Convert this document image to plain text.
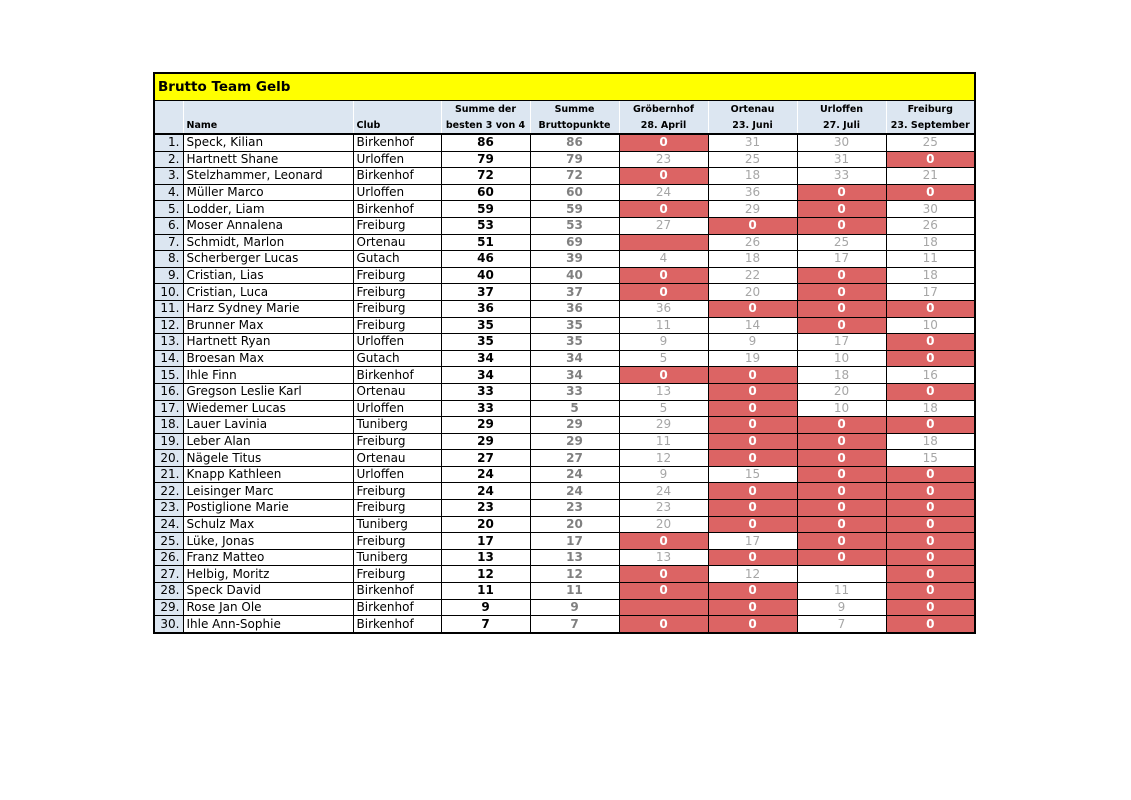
Brutto Team Gelb								
			Summe der	Summe	Gröbernhof	Ortenau	Urloffen	Freiburg
	Name	Club	besten 3 von 4	Bruttopunkte	28. April	23. Juni	27. Juli	23. September
1.	Speck, Kilian	Birkenhof	86	86	0	31	30	25
2.	Hartnett Shane	Urloffen	79	79	23	25	31	0
3.	Stelzhammer, Leonard	Birkenhof	72	72	0	18	33	21
4.	Müller Marco	Urloffen	60	60	24	36	0	0
5.	Lodder, Liam	Birkenhof	59	59	0	29	0	30
6.	Moser Annalena	Freiburg	53	53	27	0	0	26
7.	Schmidt, Marlon	Ortenau	51	69		26	25	18
8.	Scherberger Lucas	Gutach	46	39	4	18	17	11
9.	Cristian, Lias	Freiburg	40	40	0	22	0	18
10.	Cristian, Luca	Freiburg	37	37	0	20	0	17
11.	Harz Sydney Marie	Freiburg	36	36	36	0	0	0
12.	Brunner Max	Freiburg	35	35	11	14	0	10
13.	Hartnett Ryan	Urloffen	35	35	9	9	17	0
14.	Broesan Max	Gutach	34	34	5	19	10	0
15.	Ihle Finn	Birkenhof	34	34	0	0	18	16
16.	Gregson Leslie Karl	Ortenau	33	33	13	0	20	0
17.	Wiedemer Lucas	Urloffen	33	5	5	0	10	18
18.	Lauer Lavinia	Tuniberg	29	29	29	0	0	0
19.	Leber Alan	Freiburg	29	29	11	0	0	18
20.	Nägele Titus	Ortenau	27	27	12	0	0	15
21.	Knapp Kathleen	Urloffen	24	24	9	15	0	0
22.	Leisinger Marc	Freiburg	24	24	24	0	0	0
23.	Postiglione Marie	Freiburg	23	23	23	0	0	0
24.	Schulz Max	Tuniberg	20	20	20	0	0	0
25.	Lüke, Jonas	Freiburg	17	17	0	17	0	0
26.	Franz Matteo	Tuniberg	13	13	13	0	0	0
27.	Helbig, Moritz	Freiburg	12	12	0	12		0
28.	Speck David	Birkenhof	11	11	0	0	11	0
29.	Rose Jan Ole	Birkenhof	9	9		0	9	0
30.	Ihle Ann-Sophie	Birkenhof	7	7	0	0	7	0
